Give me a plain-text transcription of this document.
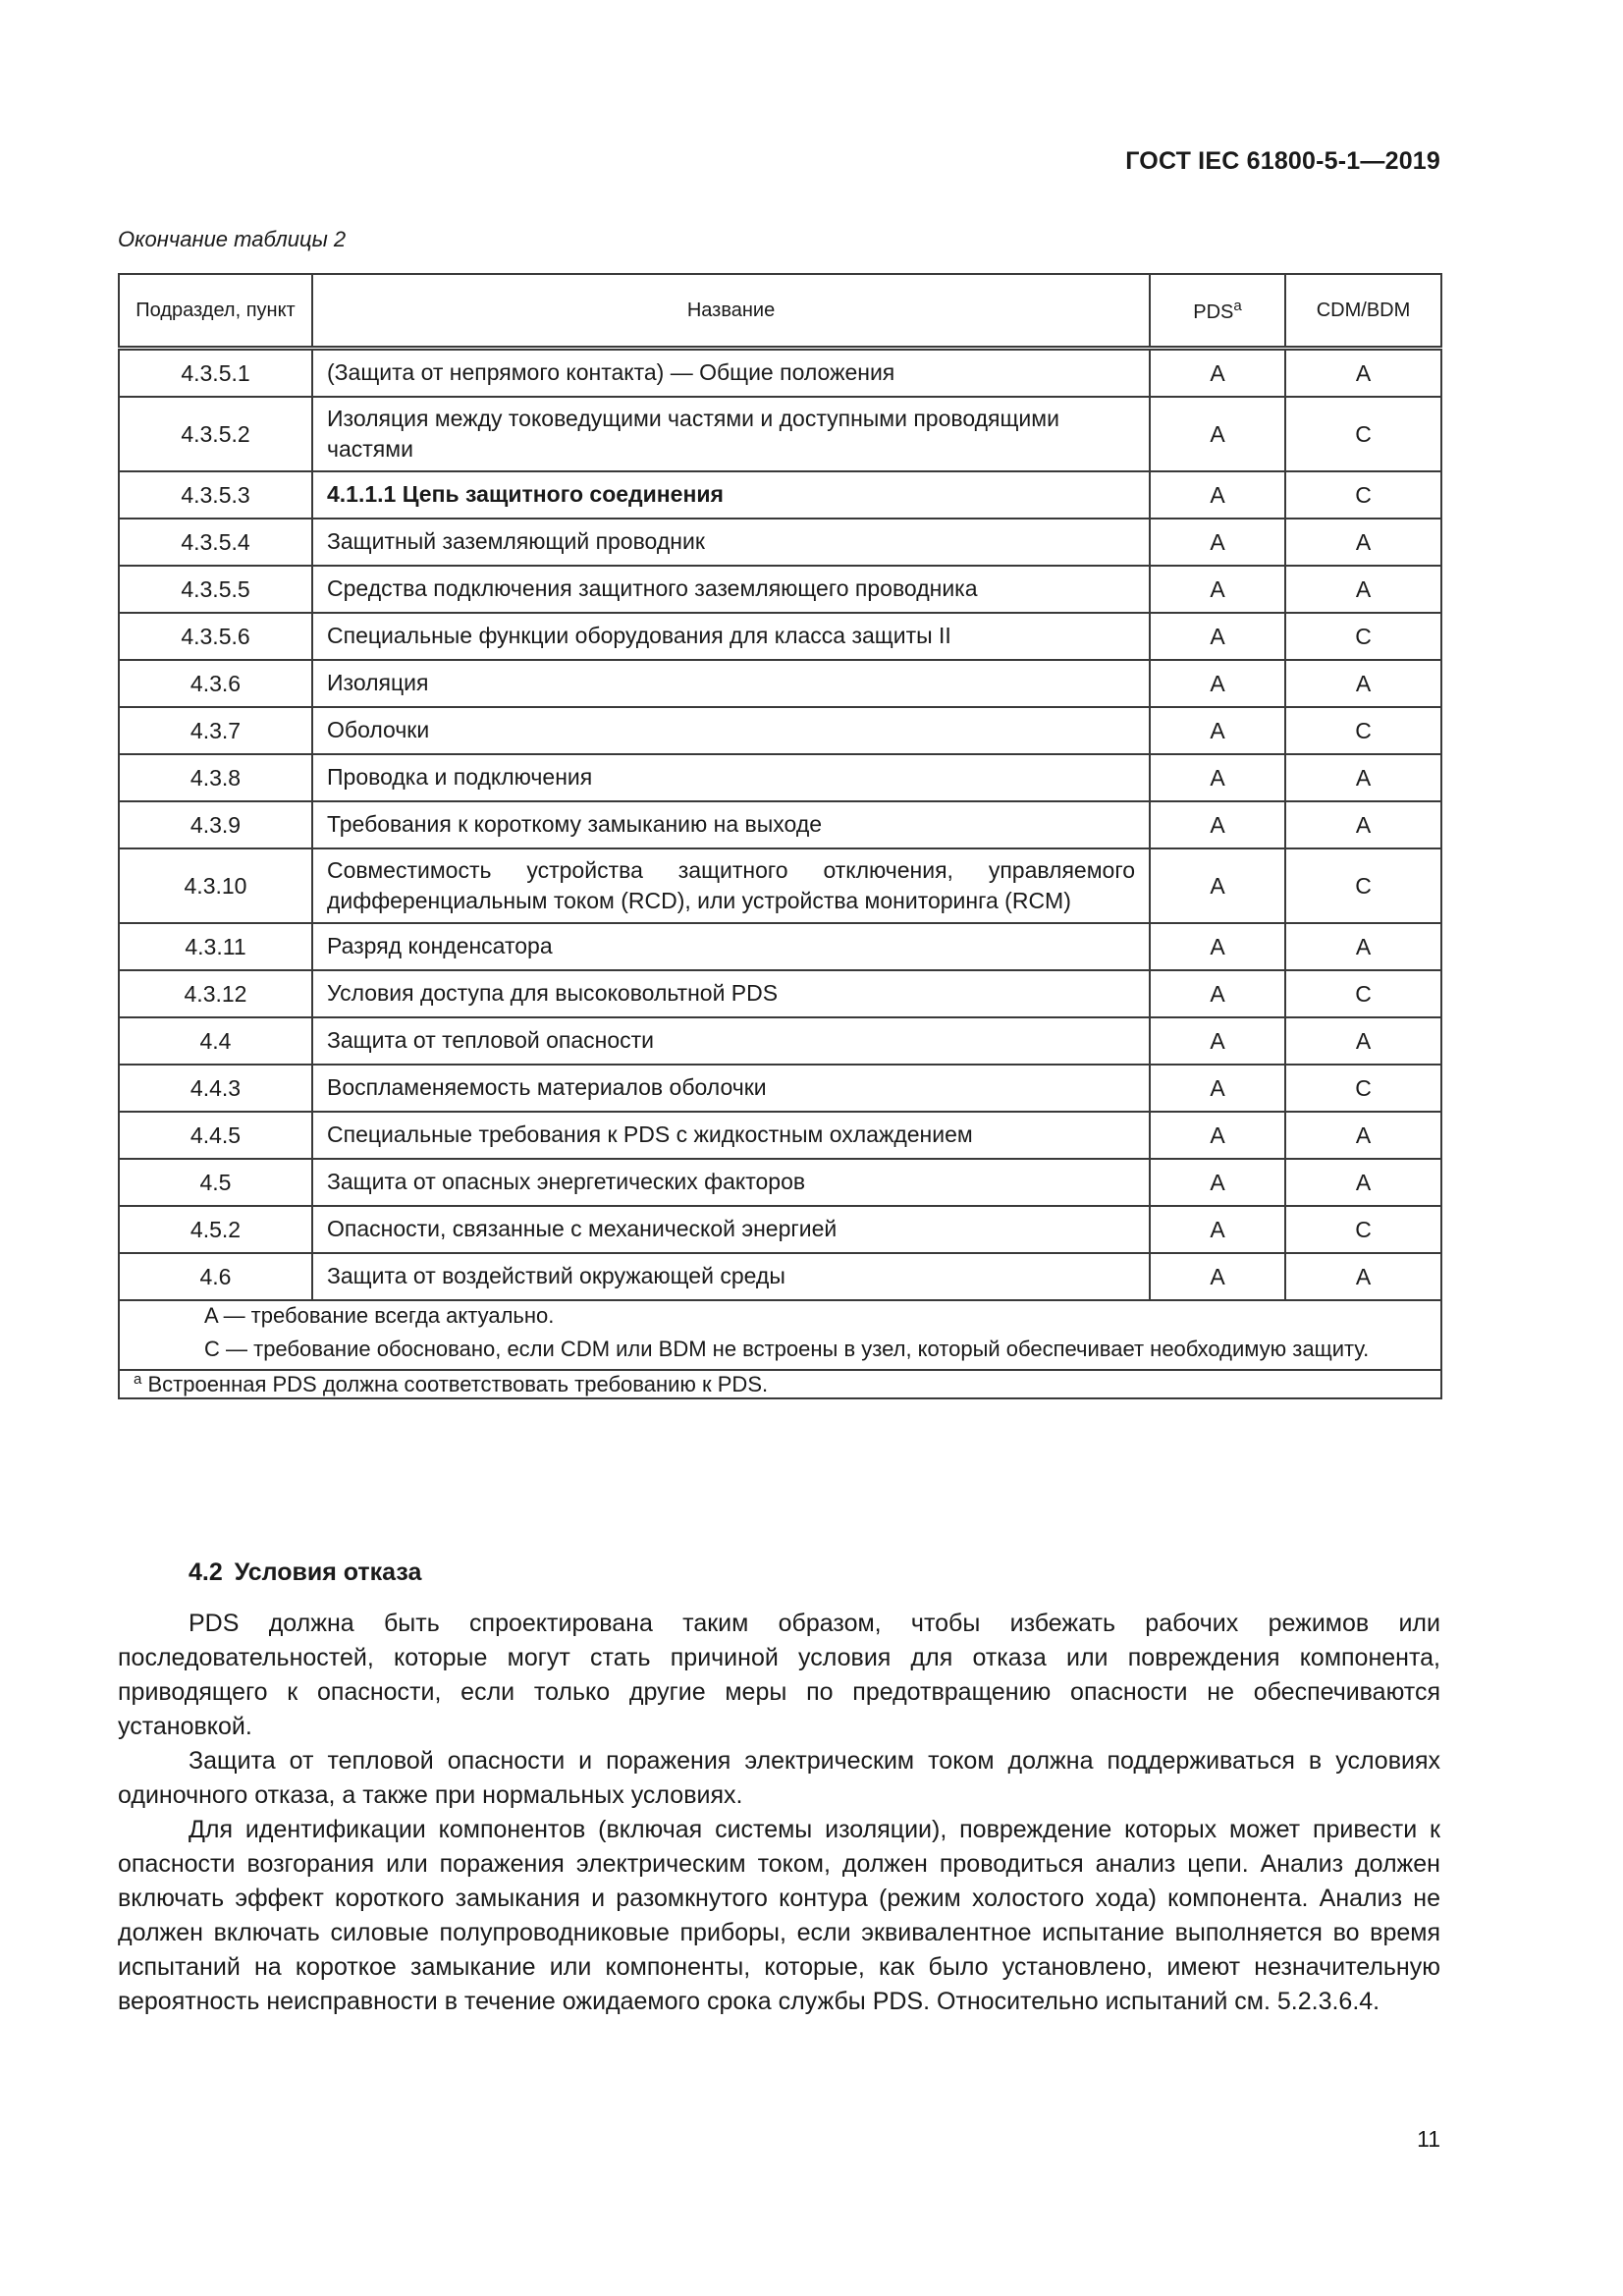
ГОСТ IEC 61800-5-1—2019
Окончание таблицы 2
Подраздел, пункт	Название	PDS$^a$	CDM/BDM
4.3.5.1	(Защита от непрямого контакта) — Общие положения	A	A
4.3.5.2	Изоляция между токоведущими частями и доступными проводящими частями	A	C
4.3.5.3	4.1.1.1 Цепь защитного соединения	A	C
4.3.5.4	Защитный заземляющий проводник	A	A
4.3.5.5	Средства подключения защитного заземляющего проводника	A	A
4.3.5.6	Специальные функции оборудования для класса защиты II	A	C
4.3.6	Изоляция	A	A
4.3.7	Оболочки	A	C
4.3.8	Проводка и подключения	A	A
4.3.9	Требования к короткому замыканию на выходе	A	A
4.3.10	Совместимость устройства защитного отключения, управляемого дифференциальным током (RCD), или устройства мониторинга (RCM)	A	C
4.3.11	Разряд конденсатора	A	A
4.3.12	Условия доступа для высоковольтной PDS	A	C
4.4	Защита от тепловой опасности	A	A
4.4.3	Воспламеняемость материалов оболочки	A	C
4.4.5	Специальные требования к PDS с жидкостным охлаждением	A	A
4.5	Защита от опасных энергетических факторов	A	A
4.5.2	Опасности, связанные с механической энергией	A	C
4.6	Защита от воздействий окружающей среды	A	A

A — требование всегда актуально.
C — требование обосновано, если CDM или BDM не встроены в узел, который обеспечивает необходимую защиту.			

$^a$ Встроенная PDS должна соответствовать требованию к PDS.			
4.2 Условия отказа

PDS должна быть спроектирована таким образом, чтобы избежать рабочих режимов или последовательностей, которые могут стать причиной условия для отказа или повреждения компонента, приводящего к опасности, если только другие меры по предотвращению опасности не обеспечиваются установкой.

Защита от тепловой опасности и поражения электрическим током должна поддерживаться в условиях одиночного отказа, а также при нормальных условиях.

Для идентификации компонентов (включая системы изоляции), повреждение которых может привести к опасности возгорания или поражения электрическим током, должен проводиться анализ цепи. Анализ должен включать эффект короткого замыкания и разомкнутого контура (режим холостого хода) компонента. Анализ не должен включать силовые полупроводниковые приборы, если эквивалентное испытание выполняется во время испытаний на короткое замыкание или компоненты, которые, как было установлено, имеют незначительную вероятность неисправности в течение ожидаемого срока службы PDS. Относительно испытаний см. 5.2.3.6.4.

11
